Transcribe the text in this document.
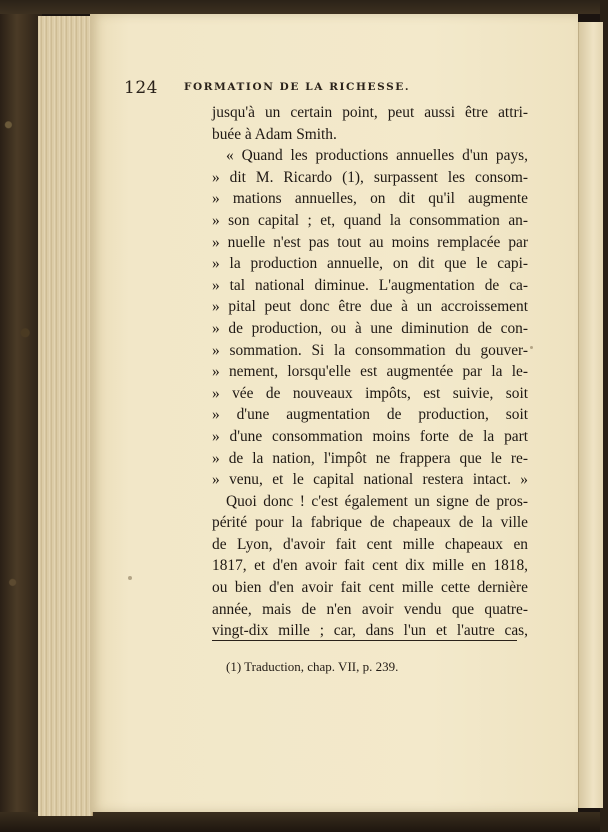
124 FORMATION DE LA RICHESSE.
jusqu'à un certain point, peut aussi être attri-
buée à Adam Smith.
« Quand les productions annuelles d'un pays,
» dit M. Ricardo (1), surpassent les consom-
» mations annuelles, on dit qu'il augmente
» son capital ; et, quand la consommation an-
» nuelle n'est pas tout au moins remplacée par
» la production annuelle, on dit que le capi-
» tal national diminue. L'augmentation de ca-
» pital peut donc être due à un accroissement
» de production, ou à une diminution de con-
» sommation. Si la consommation du gouver-
» nement, lorsqu'elle est augmentée par la le-
» vée de nouveaux impôts, est suivie, soit
» d'une augmentation de production, soit
» d'une consommation moins forte de la part
» de la nation, l'impôt ne frappera que le re-
» venu, et le capital national restera intact. »
Quoi donc ! c'est également un signe de pros-
périté pour la fabrique de chapeaux de la ville
de Lyon, d'avoir fait cent mille chapeaux en
1817, et d'en avoir fait cent dix mille en 1818,
ou bien d'en avoir fait cent mille cette dernière
année, mais de n'en avoir vendu que quatre-
vingt-dix mille ; car, dans l'un et l'autre cas,
(1) Traduction, chap. VII, p. 239.
